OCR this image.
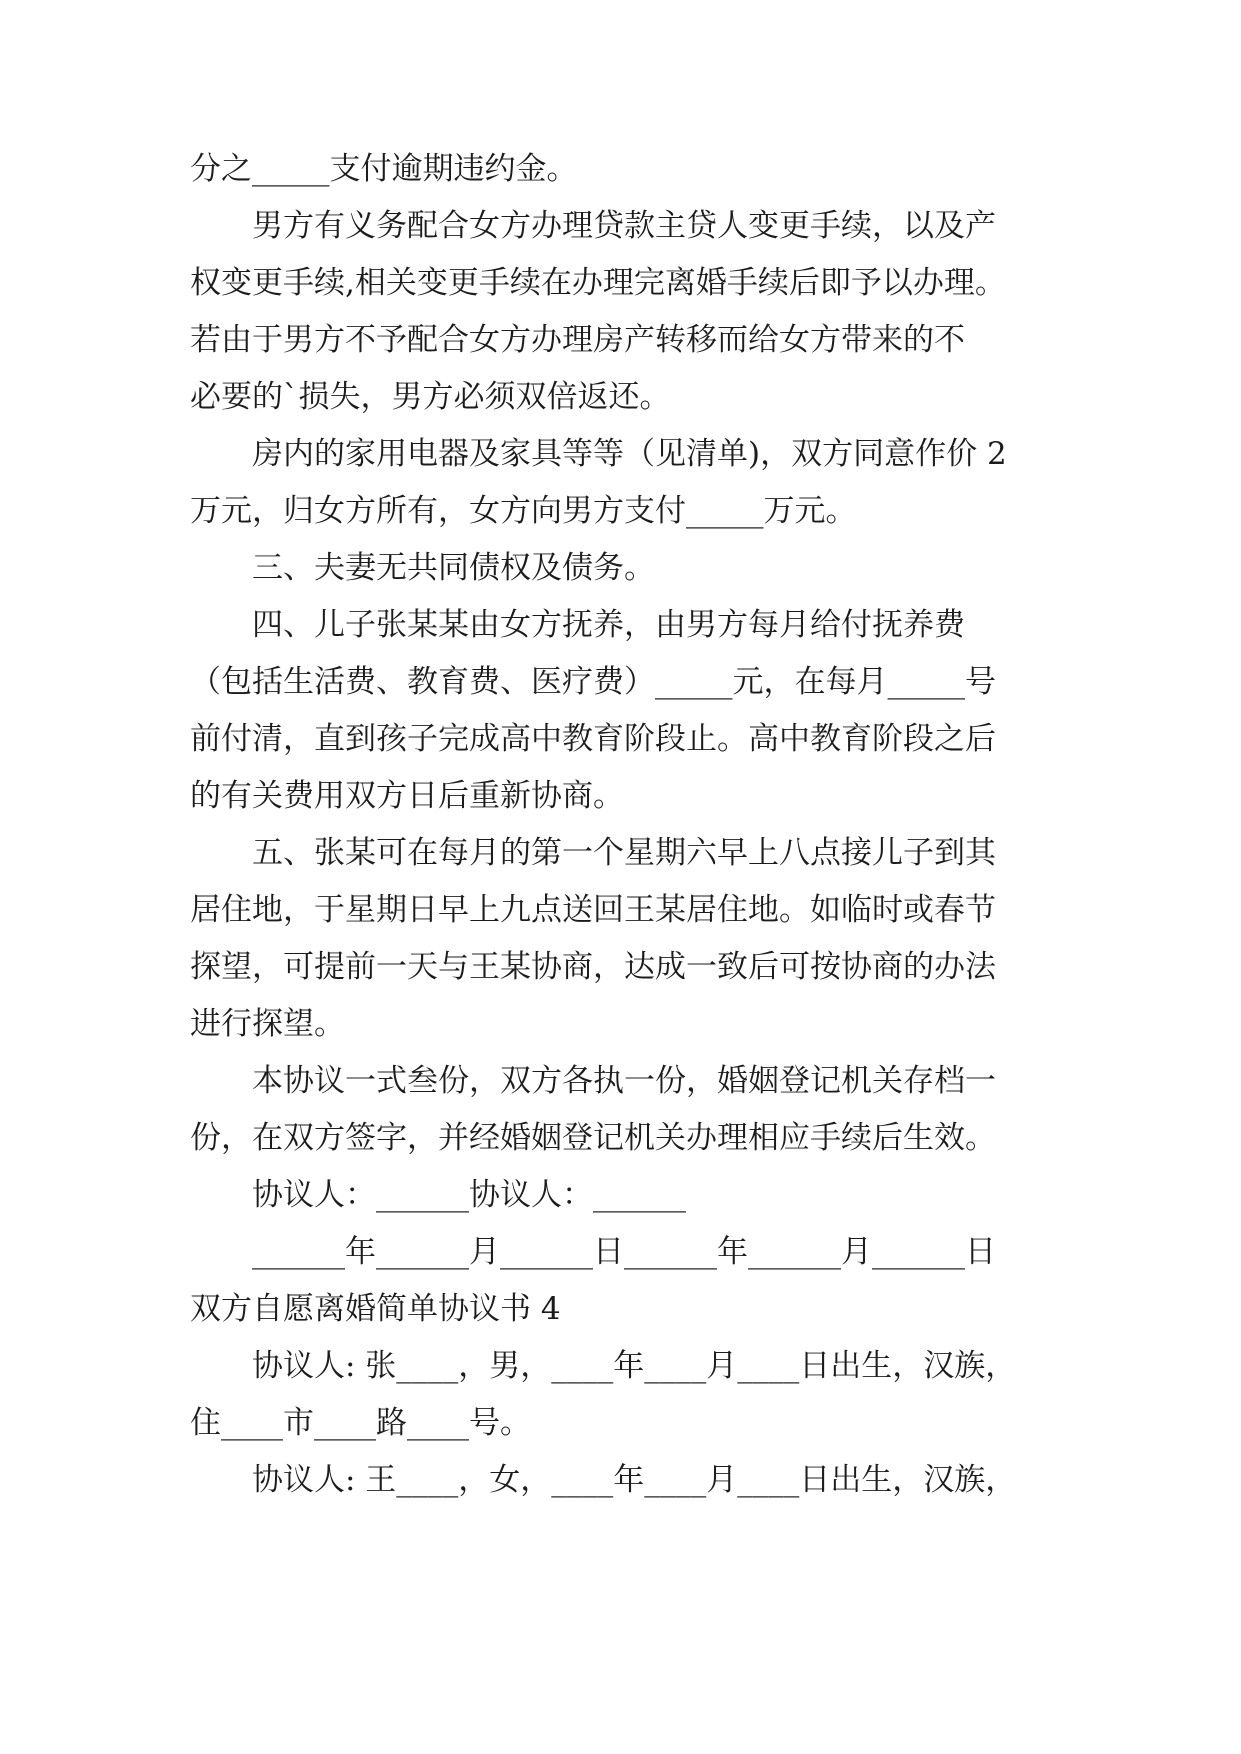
分之_____支付逾期违约金。
男方有义务配合女方办理贷款主贷人变更手续，以及产
权变更手续,相关变更手续在办理完离婚手续后即予以办理。
若由于男方不予配合女方办理房产转移而给女方带来的不
必要的`损失，男方必须双倍返还。
房内的家用电器及家具等等（见清单)，双方同意作价 2
万元，归女方所有，女方向男方支付_____万元。
三、夫妻无共同债权及债务。
四、儿子张某某由女方抚养，由男方每月给付抚养费
（包括生活费、教育费、医疗费）_____元，在每月_____号
前付清，直到孩子完成高中教育阶段止。高中教育阶段之后
的有关费用双方日后重新协商。
五、张某可在每月的第一个星期六早上八点接儿子到其
居住地，于星期日早上九点送回王某居住地。如临时或春节
探望，可提前一天与王某协商，达成一致后可按协商的办法
进行探望。
本协议一式叁份，双方各执一份，婚姻登记机关存档一
份，在双方签字，并经婚姻登记机关办理相应手续后生效。
协议人：______协议人：______
______年______月______日______年______月______日
双方自愿离婚简单协议书 4
协议人: 张____，男，____年____月____日出生，汉族，
住____市____路____号。
协议人: 王____，女，____年____月____日出生，汉族，
